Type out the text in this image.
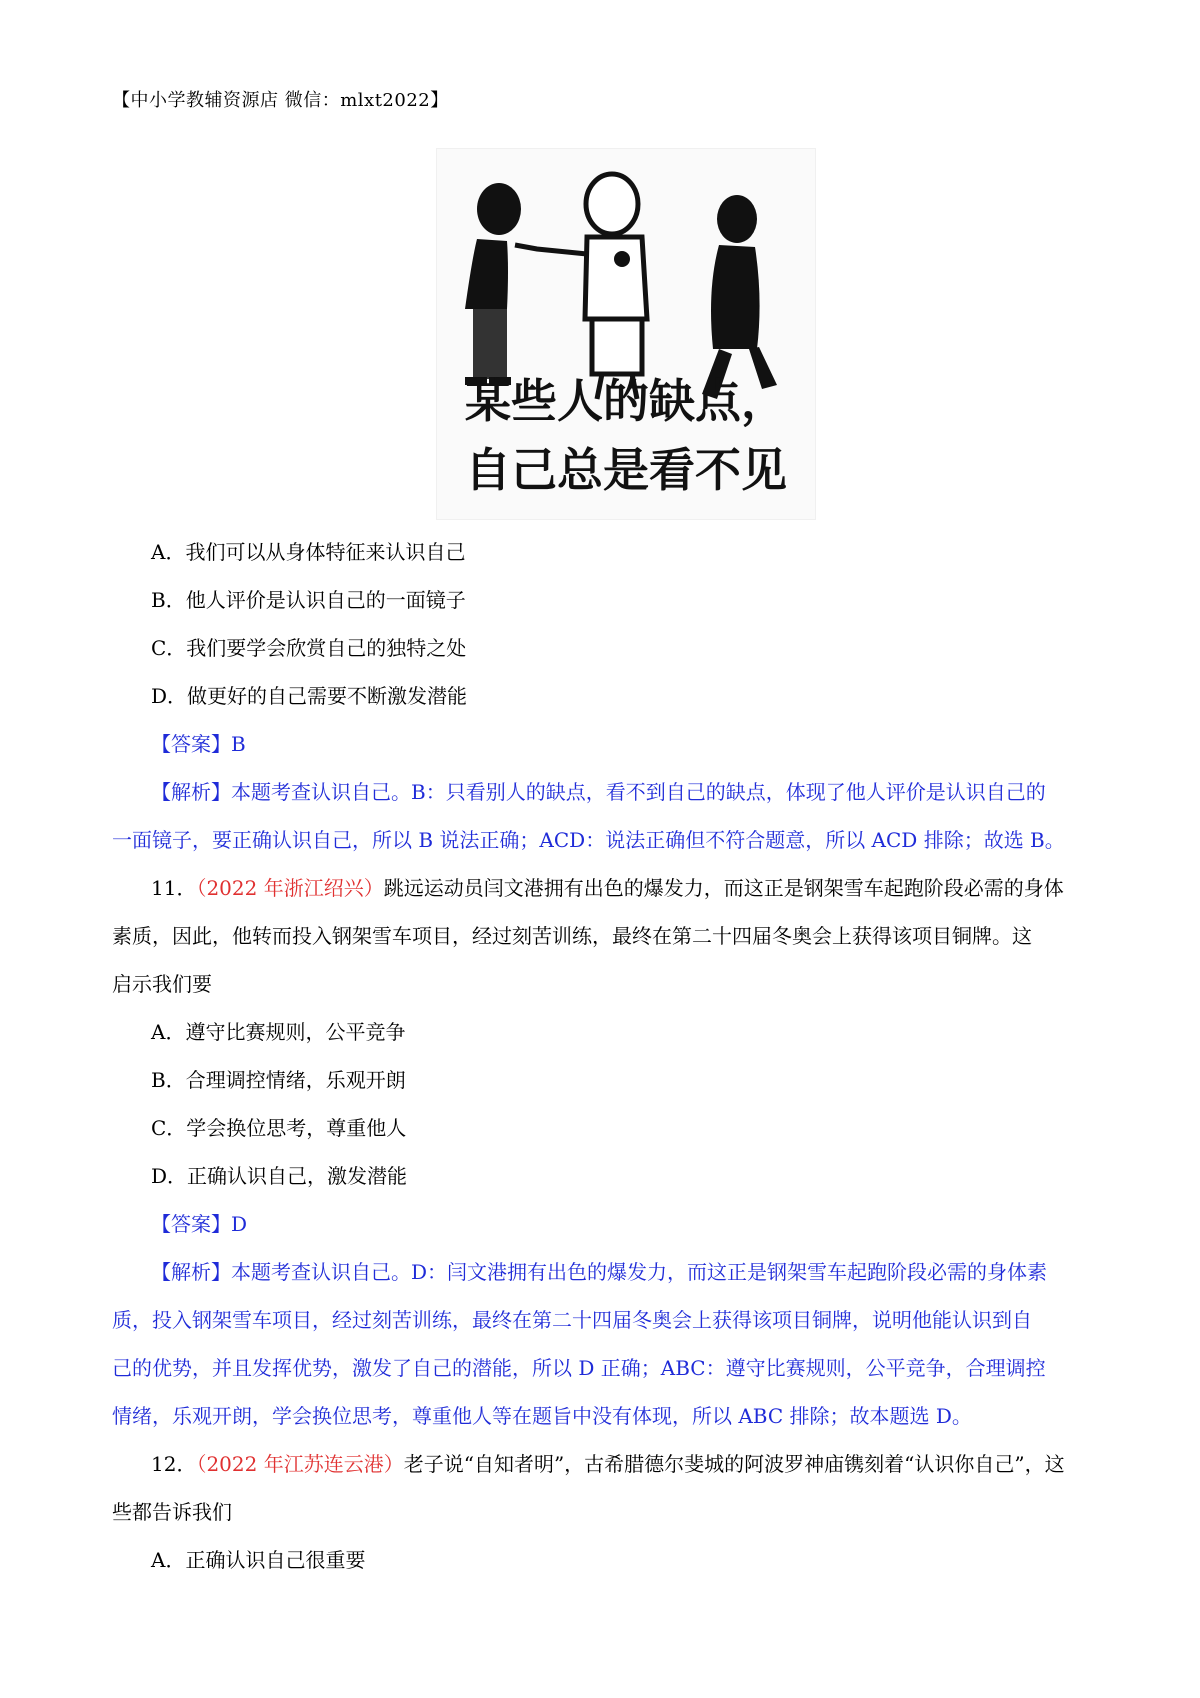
【中小学教辅资源店 微信：mlxt2022】
某些人的缺点，
自己总是看不见
A．我们可以从身体特征来认识自己
B．他人评价是认识自己的一面镜子
C．我们要学会欣赏自己的独特之处
D．做更好的自己需要不断激发潜能
【答案】B
【解析】本题考查认识自己。B：只看别人的缺点，看不到自己的缺点，体现了他人评价是认识自己的
一面镜子，要正确认识自己，所以 B 说法正确；ACD：说法正确但不符合题意，所以 ACD 排除；故选 B。
11．（2022 年浙江绍兴）跳远运动员闫文港拥有出色的爆发力，而这正是钢架雪车起跑阶段必需的身体
素质，因此，他转而投入钢架雪车项目，经过刻苦训练，最终在第二十四届冬奥会上获得该项目铜牌。这
启示我们要
A．遵守比赛规则，公平竞争
B．合理调控情绪，乐观开朗
C．学会换位思考，尊重他人
D．正确认识自己，激发潜能
【答案】D
【解析】本题考查认识自己。D：闫文港拥有出色的爆发力，而这正是钢架雪车起跑阶段必需的身体素
质，投入钢架雪车项目，经过刻苦训练，最终在第二十四届冬奥会上获得该项目铜牌，说明他能认识到自
己的优势，并且发挥优势，激发了自己的潜能，所以 D 正确；ABC：遵守比赛规则，公平竞争，合理调控
情绪，乐观开朗，学会换位思考，尊重他人等在题旨中没有体现，所以 ABC 排除；故本题选 D。
12．（2022 年江苏连云港）老子说“自知者明”，古希腊德尔斐城的阿波罗神庙镌刻着“认识你自己”，这
些都告诉我们
A．正确认识自己很重要
